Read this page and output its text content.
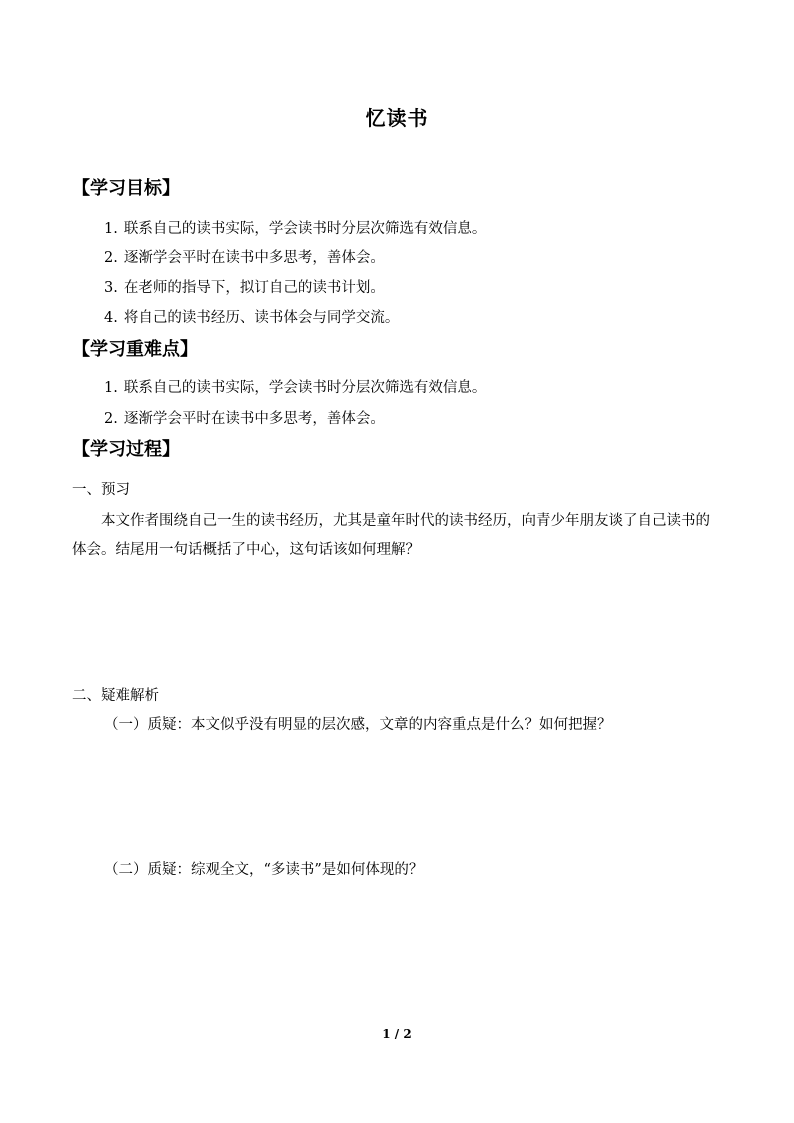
忆读书
【学习目标】
1. 联系自己的读书实际，学会读书时分层次筛选有效信息。
2. 逐渐学会平时在读书中多思考，善体会。
3. 在老师的指导下，拟订自己的读书计划。
4. 将自己的读书经历、读书体会与同学交流。
【学习重难点】
1. 联系自己的读书实际，学会读书时分层次筛选有效信息。
2. 逐渐学会平时在读书中多思考，善体会。
【学习过程】
一、预习
本文作者围绕自己一生的读书经历，尤其是童年时代的读书经历，向青少年朋友谈了自己读书的体会。结尾用一句话概括了中心，这句话该如何理解？
二、疑难解析
（一）质疑：本文似乎没有明显的层次感，文章的内容重点是什么？如何把握？
（二）质疑：综观全文，“多读书”是如何体现的？
1 / 2
